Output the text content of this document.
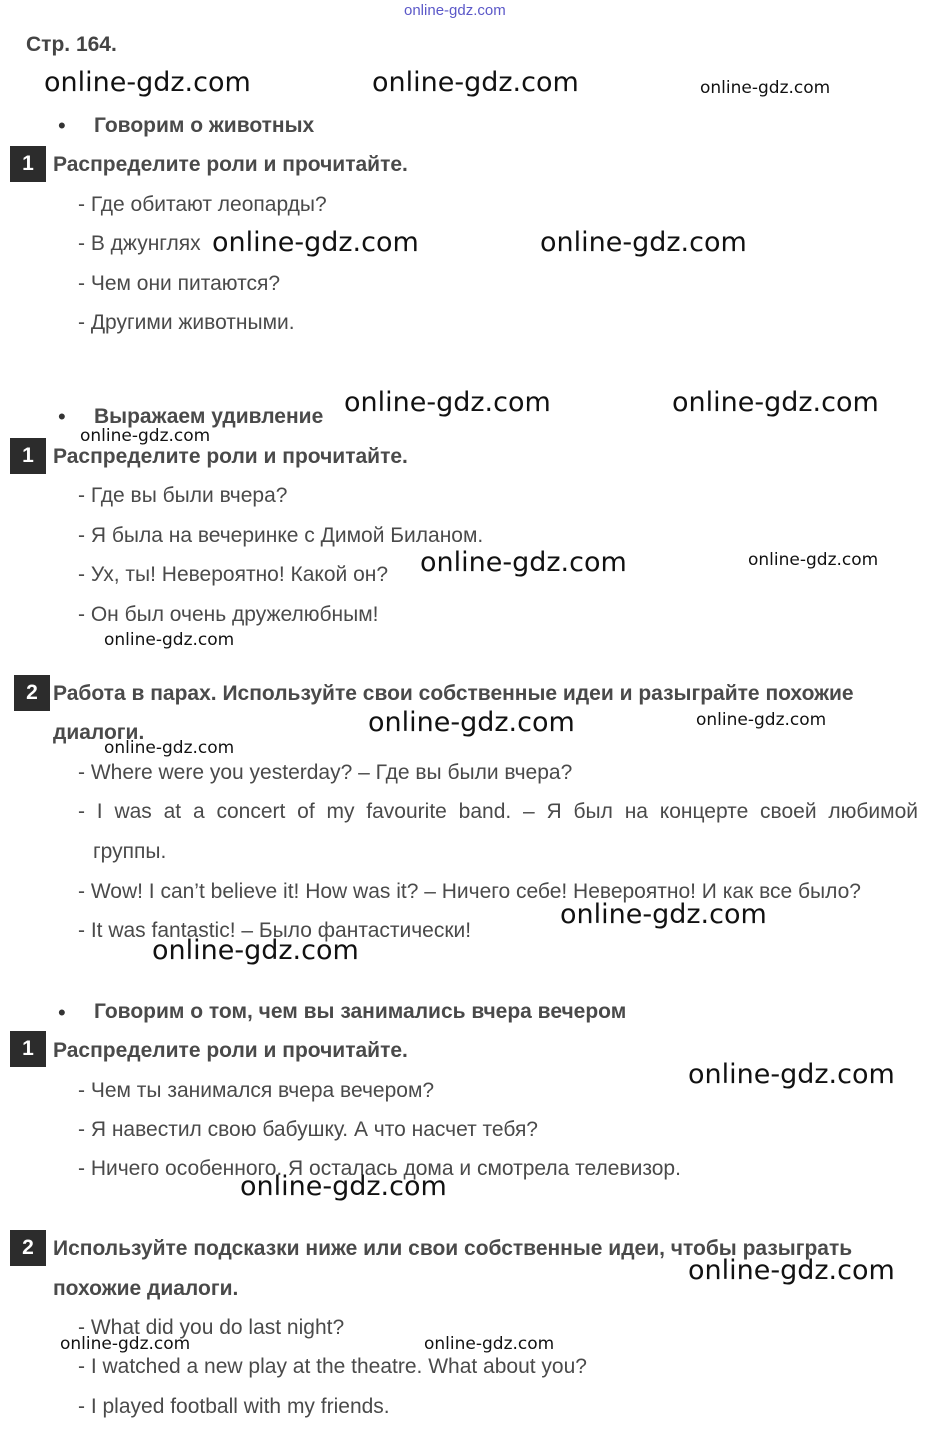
online-gdz.com
Стр. 164.
• Говорим о животных
1 Распределите роли и прочитайте.
- Где обитают леопарды?
- В джунглях
- Чем они питаются?
- Другими животными.
• Выражаем удивление
1 Распределите роли и прочитайте.
- Где вы были вчера?
- Я была на вечеринке с Димой Биланом.
- Ух, ты! Невероятно! Какой он?
- Он был очень дружелюбным!
2 Работа в парах. Используйте свои собственные идеи и разыграйте похожие
диалоги.
- Where were you yesterday? – Где вы были вчера?
- I was at a concert of my favourite band. – Я был на концерте своей любимой
группы.
- Wow! I can’t believe it! How was it? – Ничего себе! Невероятно! И как все было?
- It was fantastic! – Было фантастически!
• Говорим о том, чем вы занимались вчера вечером
1 Распределите роли и прочитайте.
- Чем ты занимался вчера вечером?
- Я навестил свою бабушку. А что насчет тебя?
- Ничего особенного. Я осталась дома и смотрела телевизор.
2 Используйте подсказки ниже или свои собственные идеи, чтобы разыграть
похожие диалоги.
- What did you do last night?
- I watched a new play at the theatre. What about you?
- I played football with my friends.
online-gdz.com	online-gdz.com	online-gdz.com
online-gdz.com	online-gdz.com
online-gdz.com	online-gdz.com
online-gdz.com
online-gdz.com	online-gdz.com
online-gdz.com
online-gdz.com	online-gdz.com
online-gdz.com
online-gdz.com
online-gdz.com
online-gdz.com
online-gdz.com
online-gdz.com
online-gdz.com	online-gdz.com
